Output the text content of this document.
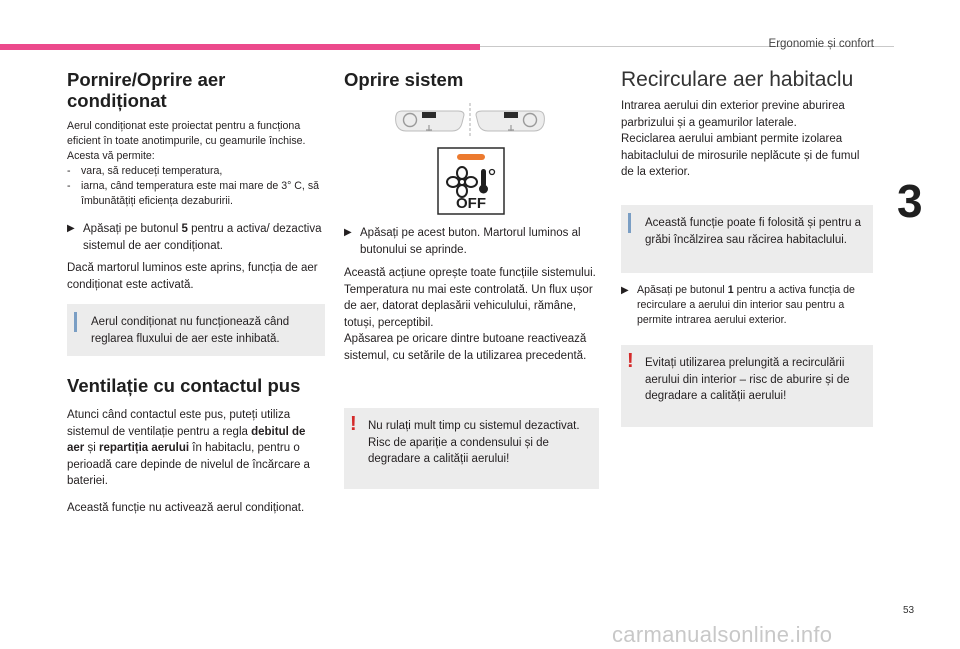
Ergonomie și confort
3
53
carmanualsonline.info
Pornire/Oprire aer
condiționat

Aerul condiționat este proiectat pentru a funcționa eficient în toate anotimpurile, cu geamurile închise. Acesta vă permite:

- vara, să reduceți temperatura,
- iarna, când temperatura este mai mare de 3° C, să îmbunătățiți eficiența dezaburirii.
▶ Apăsați pe butonul 5 pentru a activa/ dezactiva sistemul de aer condiționat.

Dacă martorul luminos este aprins, funcția de aer condiționat este activată.

Aerul condiționat nu funcționează când reglarea fluxului de aer este inhibată.
Ventilație cu contactul pus

Atunci când contactul este pus, puteți utiliza sistemul de ventilație pentru a regla debitul de aer și repartiția aerului în habitaclu, pentru o perioadă care depinde de nivelul de încărcare a bateriei.

Această funcție nu activează aerul condiționat.

Oprire sistem
OFF
▶ Apăsați pe acest buton. Martorul luminos al butonului se aprinde.

Această acțiune oprește toate funcțiile sistemului.

Temperatura nu mai este controlată. Un flux ușor de aer, datorat deplasării vehiculului, rămâne, totuși, perceptibil.

Apăsarea pe oricare dintre butoane reactivează sistemul, cu setările de la utilizarea precedentă.

! Nu rulați mult timp cu sistemul dezactivat. Risc de apariție a condensului și de degradare a calității aerului!
Recirculare aer habitaclu

Intrarea aerului din exterior previne aburirea parbrizului și a geamurilor laterale.

Reciclarea aerului ambiant permite izolarea habitaclului de mirosurile neplăcute și de fumul de la exterior.

Această funcție poate fi folosită și pentru a grăbi încălzirea sau răcirea habitaclului.
▶ Apăsați pe butonul 1 pentru a activa funcția de recirculare a aerului din interior sau pentru a permite intrarea aerului exterior.
! Evitați utilizarea prelungită a recirculării aerului din interior – risc de aburire și de degradare a calității aerului!
